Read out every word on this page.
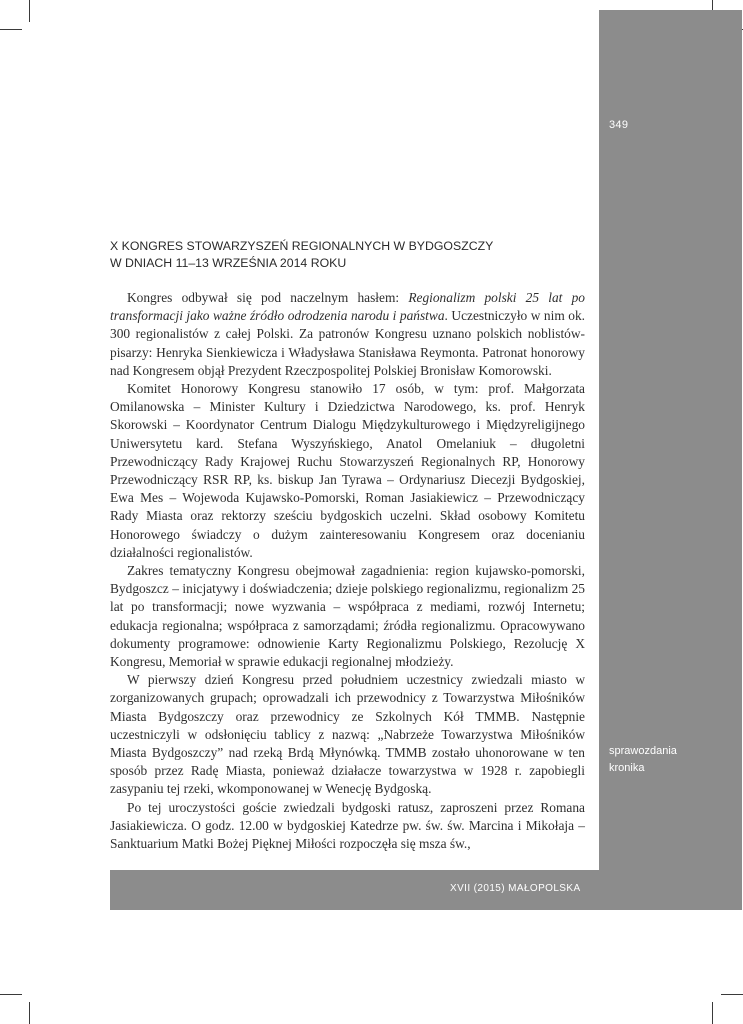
349
sprawozdania
kronika
XVII (2015) MAŁOPOLSKA
X KONGRES STOWARZYSZEŃ REGIONALNYCH W BYDGOSZCZY
W DNIACH 11–13 WRZEŚNIA 2014 ROKU

Kongres odbywał się pod naczelnym hasłem: Regionalizm polski 25 lat po transformacji jako ważne źródło odrodzenia narodu i państwa. Uczestniczyło w nim ok. 300 regionalistów z całej Polski. Za patronów Kongresu uznano polskich noblistów-pisarzy: Henryka Sienkiewicza i Władysława Stanisława Reymonta. Patronat honorowy nad Kongresem objął Prezydent Rzeczpospolitej Polskiej Bronisław Komorowski.

Komitet Honorowy Kongresu stanowiło 17 osób, w tym: prof. Małgorzata Omilanowska – Minister Kultury i Dziedzictwa Narodowego, ks. prof. Henryk Skorowski – Koordynator Centrum Dialogu Międzykulturowego i Międzyreligijnego Uniwersytetu kard. Stefana Wyszyńskiego, Anatol Omelaniuk – długoletni Przewodniczący Rady Krajowej Ruchu Stowarzyszeń Regionalnych RP, Honorowy Przewodniczący RSR RP, ks. biskup Jan Tyrawa – Ordynariusz Diecezji Bydgoskiej, Ewa Mes – Wojewoda Kujawsko-Pomorski, Roman Jasiakiewicz – Przewodniczący Rady Miasta oraz rektorzy sześciu bydgoskich uczelni. Skład osobowy Komitetu Honorowego świadczy o dużym zainteresowaniu Kongresem oraz docenianiu działalności regionalistów.

Zakres tematyczny Kongresu obejmował zagadnienia: region kujawsko-pomorski, Bydgoszcz – inicjatywy i doświadczenia; dzieje polskiego regionalizmu, regionalizm 25 lat po transformacji; nowe wyzwania – współpraca z mediami, rozwój Internetu; edukacja regionalna; współpraca z samorządami; źródła regionalizmu. Opracowywano dokumenty programowe: odnowienie Karty Regionalizmu Polskiego, Rezolucję X Kongresu, Memoriał w sprawie edukacji regionalnej młodzieży.

W pierwszy dzień Kongresu przed południem uczestnicy zwiedzali miasto w zorganizowanych grupach; oprowadzali ich przewodnicy z Towarzystwa Miłośników Miasta Bydgoszczy oraz przewodnicy ze Szkolnych Kół TMMB. Następnie uczestniczyli w odsłonięciu tablicy z nazwą: „Nabrzeże Towarzystwa Miłośników Miasta Bydgoszczy” nad rzeką Brdą Młynówką. TMMB zostało uhonorowane w ten sposób przez Radę Miasta, ponieważ działacze towarzystwa w 1928 r. zapobiegli zasypaniu tej rzeki, wkomponowanej w Wenecję Bydgoską.

Po tej uroczystości goście zwiedzali bydgoski ratusz, zaproszeni przez Romana Jasiakiewicza. O godz. 12.00 w bydgoskiej Katedrze pw. św. św. Marcina i Mikołaja – Sanktuarium Matki Bożej Pięknej Miłości rozpoczęła się msza św.,
